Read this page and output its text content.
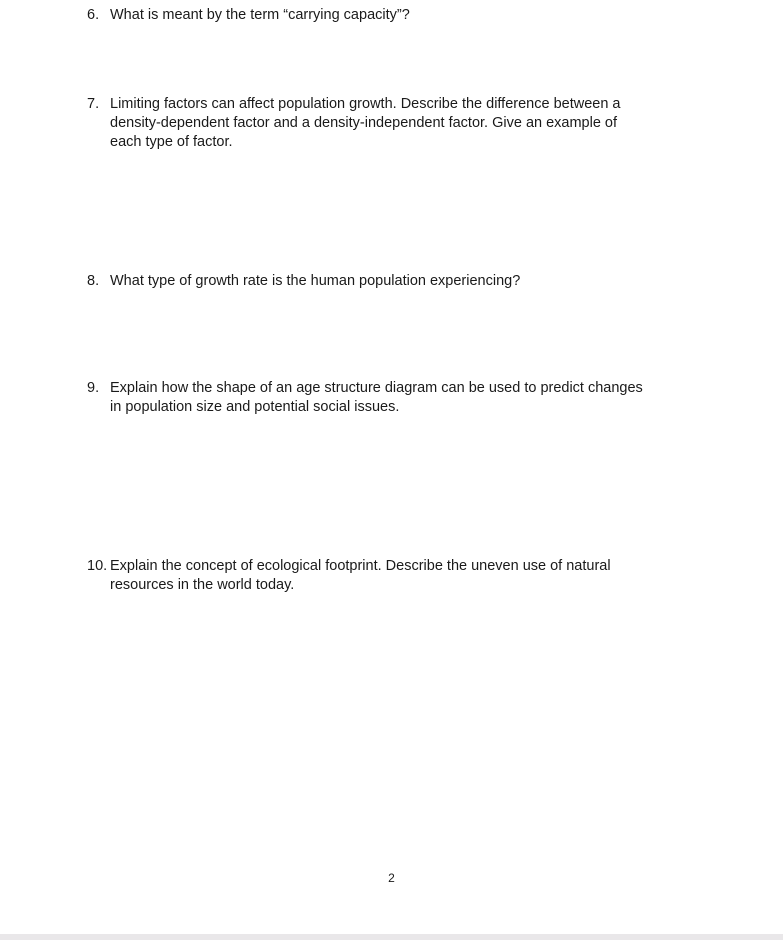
6. What is meant by the term “carrying capacity”?
7. Limiting factors can affect population growth. Describe the difference between a
density-dependent factor and a density-independent factor. Give an example of
each type of factor.
8. What type of growth rate is the human population experiencing?
9. Explain how the shape of an age structure diagram can be used to predict changes
in population size and potential social issues.
10. Explain the concept of ecological footprint. Describe the uneven use of natural
resources in the world today.
2
